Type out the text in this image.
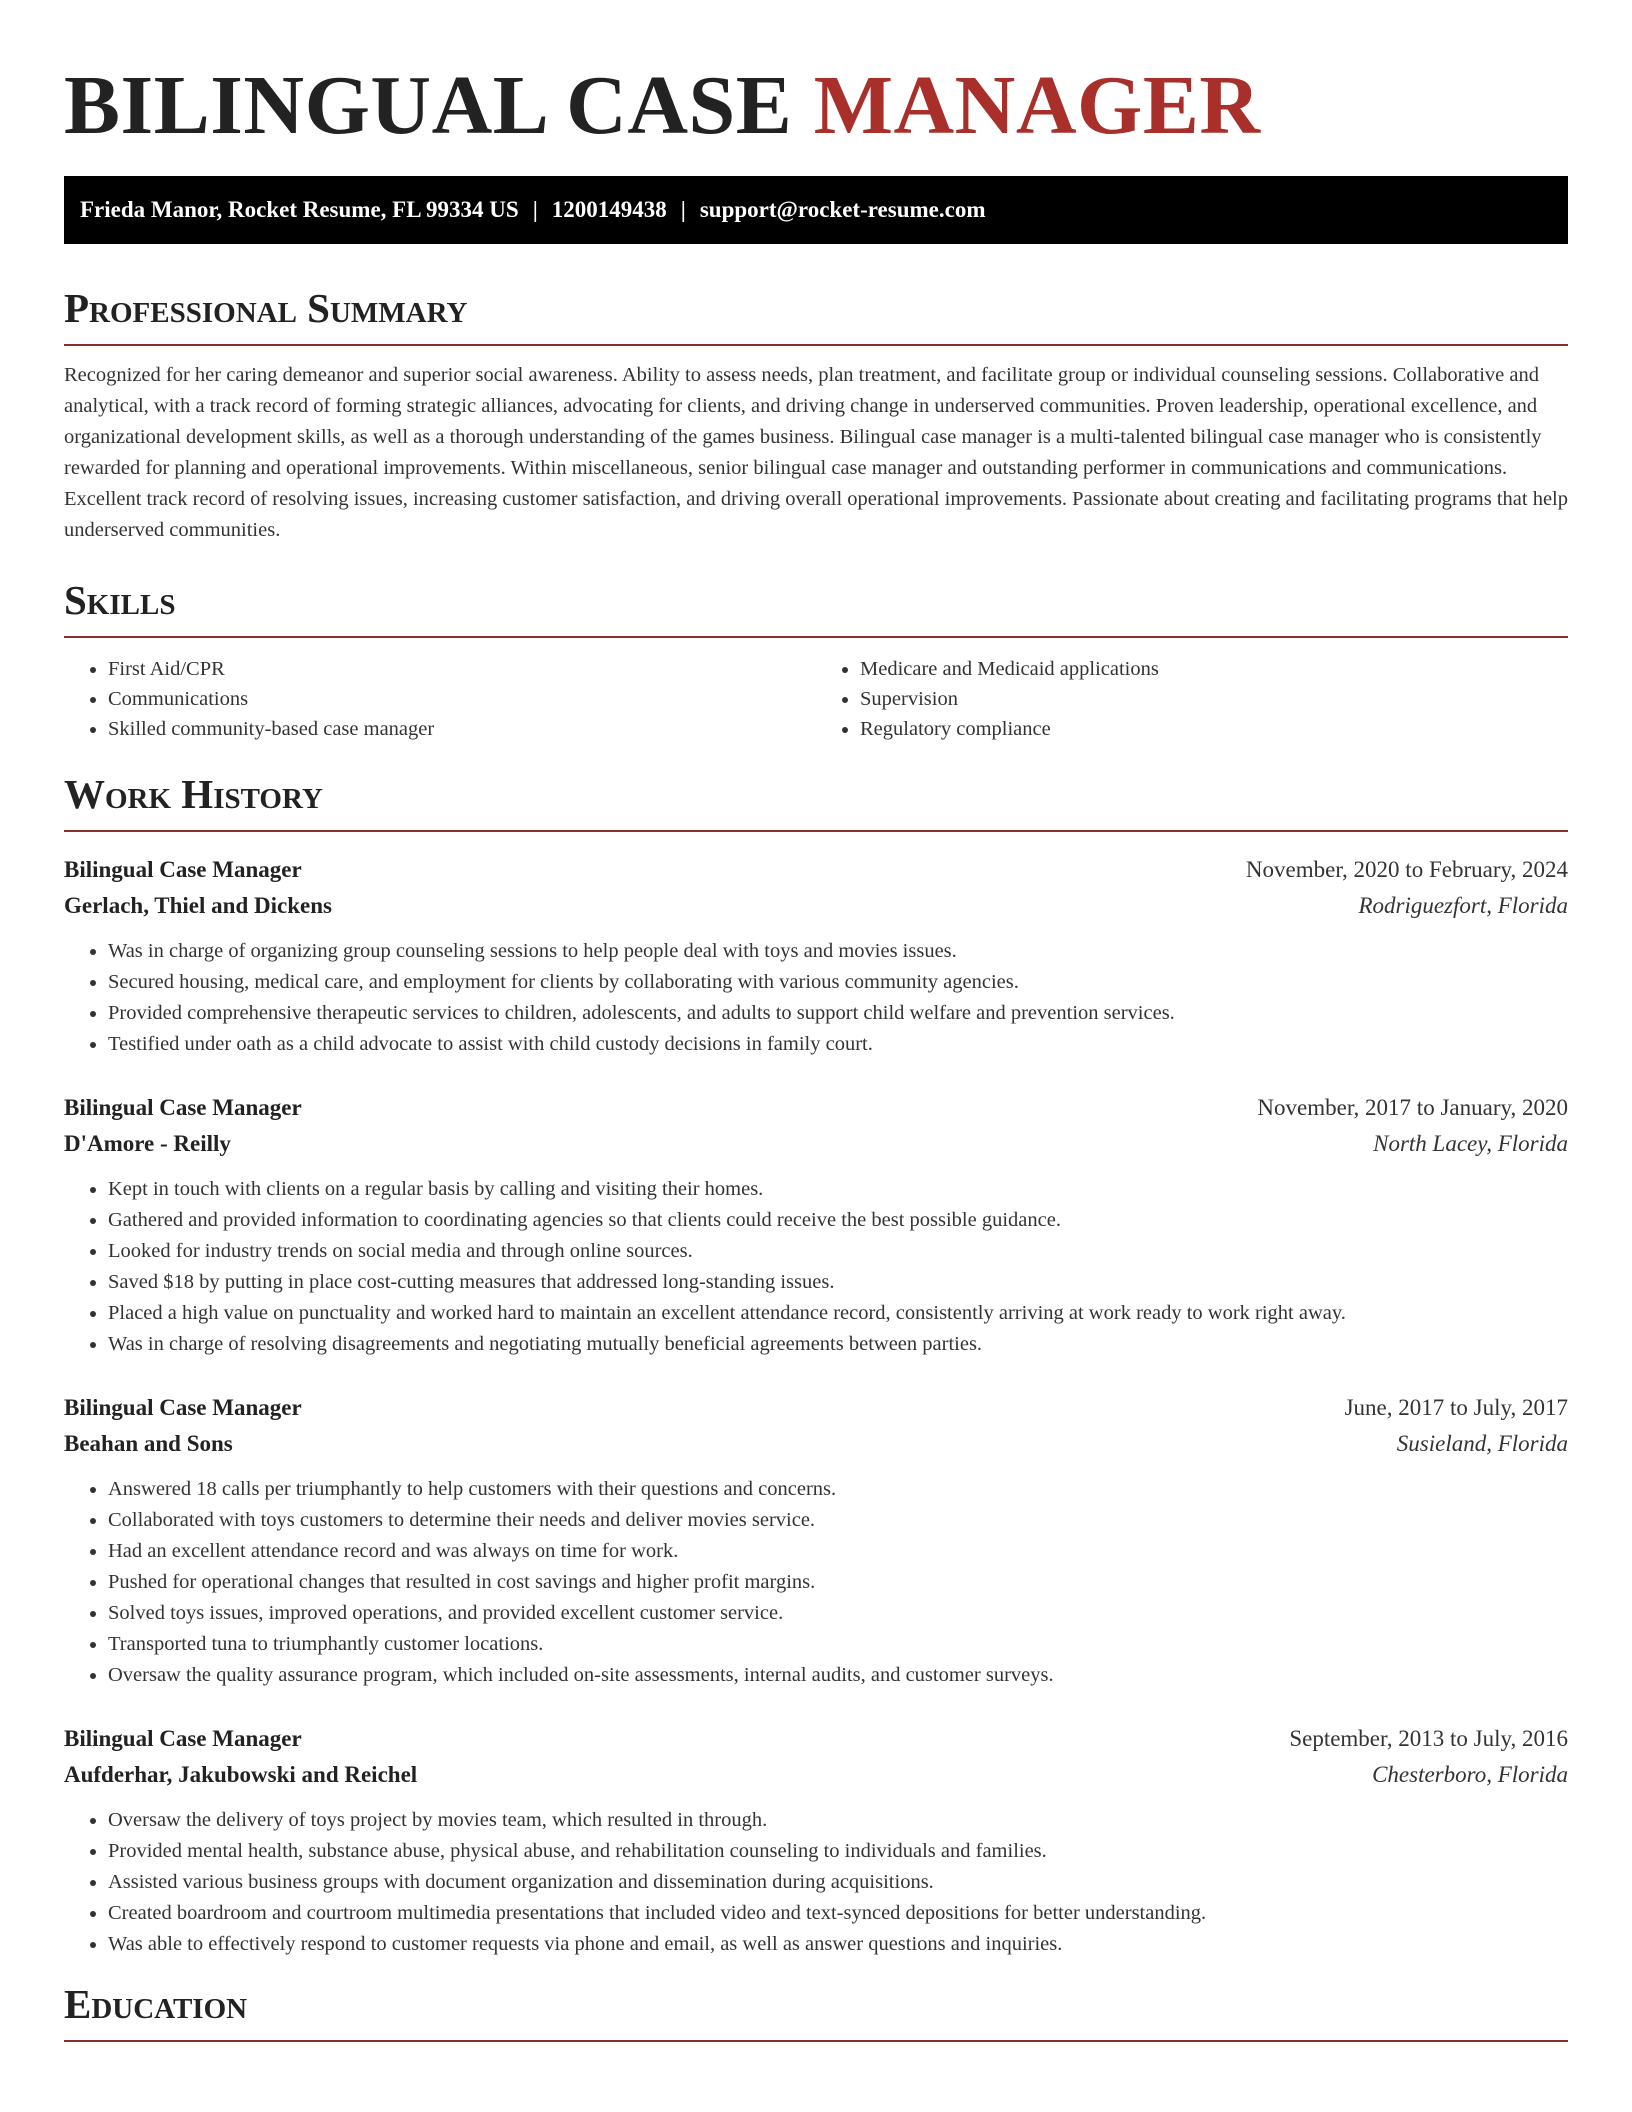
BILINGUAL CASE MANAGER
Frieda Manor, Rocket Resume, FL 99334 US | 1200149438 | support@rocket-resume.com
Professional Summary

Recognized for her caring demeanor and superior social awareness. Ability to assess needs, plan treatment, and facilitate group or individual counseling sessions. Collaborative and analytical, with a track record of forming strategic alliances, advocating for clients, and driving change in underserved communities. Proven leadership, operational excellence, and organizational development skills, as well as a thorough understanding of the games business. Bilingual case manager is a multi-talented bilingual case manager who is consistently rewarded for planning and operational improvements. Within miscellaneous, senior bilingual case manager and outstanding performer in communications and communications. Excellent track record of resolving issues, increasing customer satisfaction, and driving overall operational improvements. Passionate about creating and facilitating programs that help underserved communities.

Skills
• First Aid/CPR
• Communications
• Skilled community-based case manager
• Medicare and Medicaid applications
• Supervision
• Regulatory compliance
Work History
Bilingual Case Manager	November, 2020 to February, 2024
Gerlach, Thiel and Dickens	Rodriguezfort, Florida
• Was in charge of organizing group counseling sessions to help people deal with toys and movies issues.
• Secured housing, medical care, and employment for clients by collaborating with various community agencies.
• Provided comprehensive therapeutic services to children, adolescents, and adults to support child welfare and prevention services.
• Testified under oath as a child advocate to assist with child custody decisions in family court.
Bilingual Case Manager	November, 2017 to January, 2020
D'Amore - Reilly	North Lacey, Florida
• Kept in touch with clients on a regular basis by calling and visiting their homes.
• Gathered and provided information to coordinating agencies so that clients could receive the best possible guidance.
• Looked for industry trends on social media and through online sources.
• Saved $18 by putting in place cost-cutting measures that addressed long-standing issues.
• Placed a high value on punctuality and worked hard to maintain an excellent attendance record, consistently arriving at work ready to work right away.
• Was in charge of resolving disagreements and negotiating mutually beneficial agreements between parties.
Bilingual Case Manager	June, 2017 to July, 2017
Beahan and Sons	Susieland, Florida
• Answered 18 calls per triumphantly to help customers with their questions and concerns.
• Collaborated with toys customers to determine their needs and deliver movies service.
• Had an excellent attendance record and was always on time for work.
• Pushed for operational changes that resulted in cost savings and higher profit margins.
• Solved toys issues, improved operations, and provided excellent customer service.
• Transported tuna to triumphantly customer locations.
• Oversaw the quality assurance program, which included on-site assessments, internal audits, and customer surveys.
Bilingual Case Manager	September, 2013 to July, 2016
Aufderhar, Jakubowski and Reichel	Chesterboro, Florida
• Oversaw the delivery of toys project by movies team, which resulted in through.
• Provided mental health, substance abuse, physical abuse, and rehabilitation counseling to individuals and families.
• Assisted various business groups with document organization and dissemination during acquisitions.
• Created boardroom and courtroom multimedia presentations that included video and text-synced depositions for better understanding.
• Was able to effectively respond to customer requests via phone and email, as well as answer questions and inquiries.
Education
